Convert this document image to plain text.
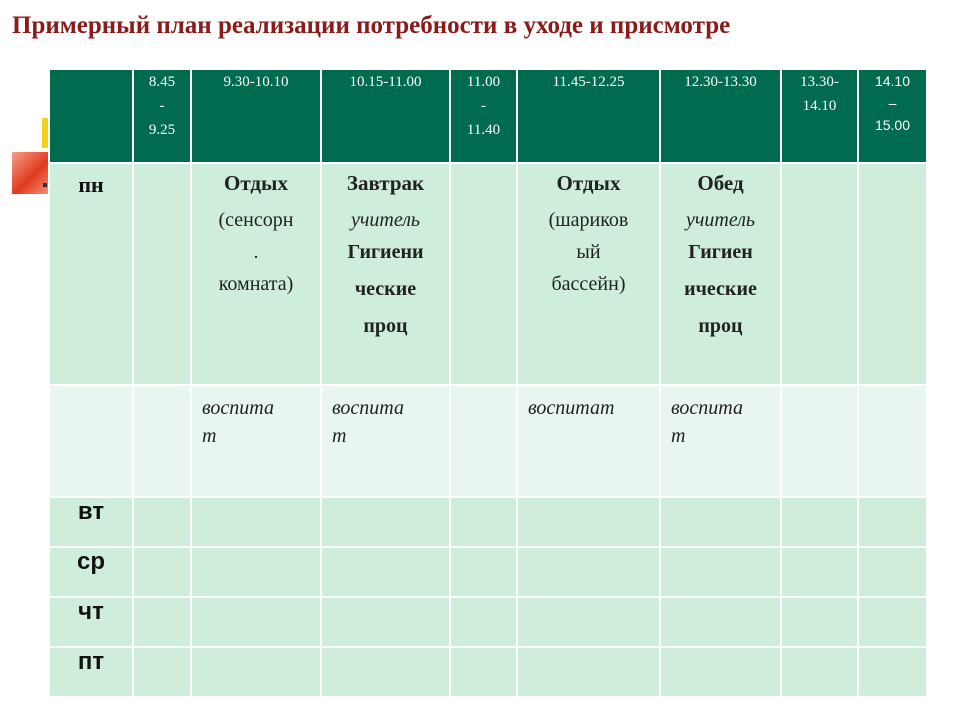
Примерный план реализации потребности в уходе и присмотре
	8.45
-
9.25	9.30-10.10	10.15-11.00	11.00
-
11.40	11.45-12.25	12.30-13.30	13.30-
14.10	14.10
–
15.00
пн		Отдых
(сенсорн
.
комната)	Завтрак
учитель
Гигиени
ческие
проц		Отдых
(шариков
ый
бассейн)	Обед
учитель
Гигиен
ические
проц		

		воспита
т	воспита
т		воспитат	воспита
т		
вт								
ср								
чт								
пт								
